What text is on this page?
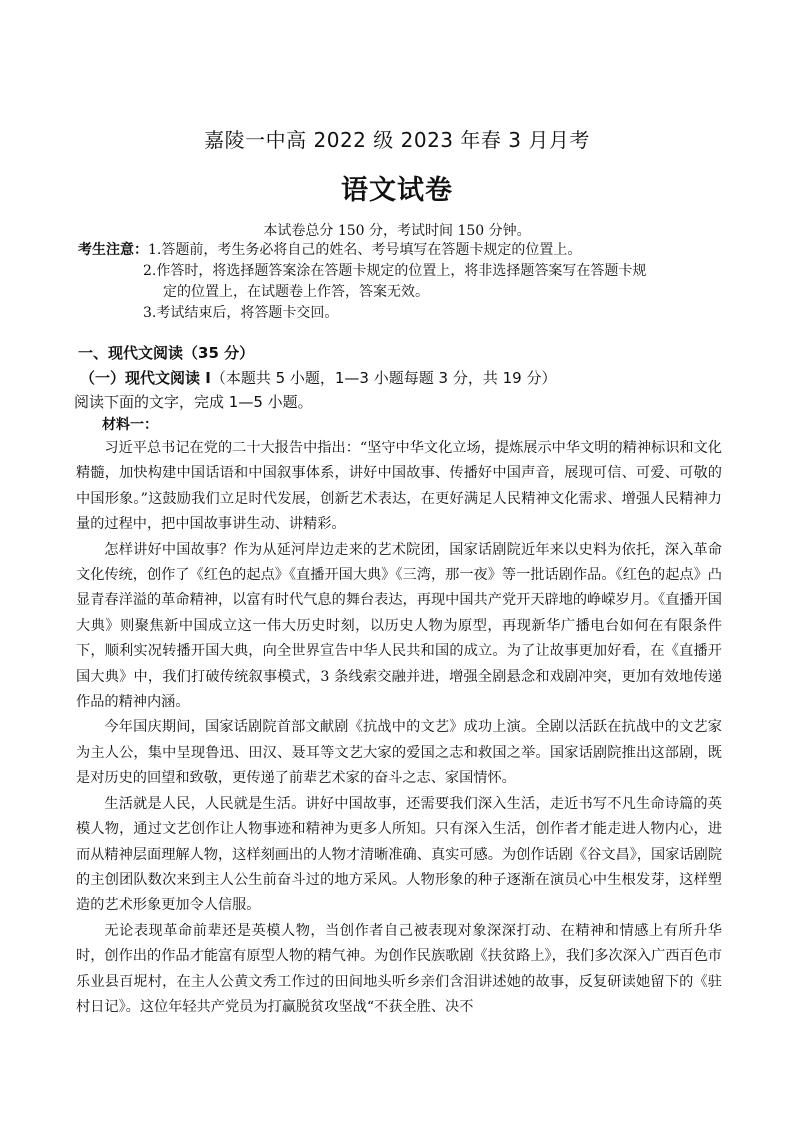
嘉陵一中高 2022 级 2023 年春 3 月月考
语文试卷
本试卷总分 150 分，考试时间 150 分钟。
考生注意： 1.答题前，考生务必将自己的姓名、考号填写在答题卡规定的位置上。
2.作答时，将选择题答案涂在答题卡规定的位置上，将非选择题答案写在答题卡规
定的位置上，在试题卷上作答，答案无效。
3.考试结束后，将答题卡交回。
一、现代文阅读（35 分）
（一）现代文阅读 I（本题共 5 小题，1—3 小题每题 3 分，共 19 分）
阅读下面的文字，完成 1—5 小题。
材料一：

习近平总书记在党的二十大报告中指出：“坚守中华文化立场，提炼展示中华文明的精神标识和文化精髓，加快构建中国话语和中国叙事体系，讲好中国故事、传播好中国声音，展现可信、可爱、可敬的中国形象。”这鼓励我们立足时代发展，创新艺术表达，在更好满足人民精神文化需求、增强人民精神力量的过程中，把中国故事讲生动、讲精彩。

怎样讲好中国故事？作为从延河岸边走来的艺术院团，国家话剧院近年来以史料为依托，深入革命文化传统，创作了《红色的起点》《直播开国大典》《三湾，那一夜》等一批话剧作品。《红色的起点》凸显青春洋溢的革命精神，以富有时代气息的舞台表达，再现中国共产党开天辟地的峥嵘岁月。《直播开国大典》则聚焦新中国成立这一伟大历史时刻，以历史人物为原型，再现新华广播电台如何在有限条件下，顺利实况转播开国大典，向全世界宣告中华人民共和国的成立。为了让故事更加好看，在《直播开国大典》中，我们打破传统叙事模式，3 条线索交融并进，增强全剧悬念和戏剧冲突，更加有效地传递作品的精神内涵。

今年国庆期间，国家话剧院首部文献剧《抗战中的文艺》成功上演。全剧以活跃在抗战中的文艺家为主人公，集中呈现鲁迅、田汉、聂耳等文艺大家的爱国之志和救国之举。国家话剧院推出这部剧，既是对历史的回望和致敬，更传递了前辈艺术家的奋斗之志、家国情怀。

生活就是人民，人民就是生活。讲好中国故事，还需要我们深入生活，走近书写不凡生命诗篇的英模人物，通过文艺创作让人物事迹和精神为更多人所知。只有深入生活，创作者才能走进人物内心，进而从精神层面理解人物，这样刻画出的人物才清晰准确、真实可感。为创作话剧《谷文昌》，国家话剧院的主创团队数次来到主人公生前奋斗过的地方采风。人物形象的种子逐渐在演员心中生根发芽，这样塑造的艺术形象更加令人信服。

无论表现革命前辈还是英模人物，当创作者自己被表现对象深深打动、在精神和情感上有所升华时，创作出的作品才能富有原型人物的精气神。为创作民族歌剧《扶贫路上》，我们多次深入广西百色市乐业县百坭村，在主人公黄文秀工作过的田间地头听乡亲们含泪讲述她的故事，反复研读她留下的《驻村日记》。这位年轻共产党员为打赢脱贫攻坚战“不获全胜、决不
